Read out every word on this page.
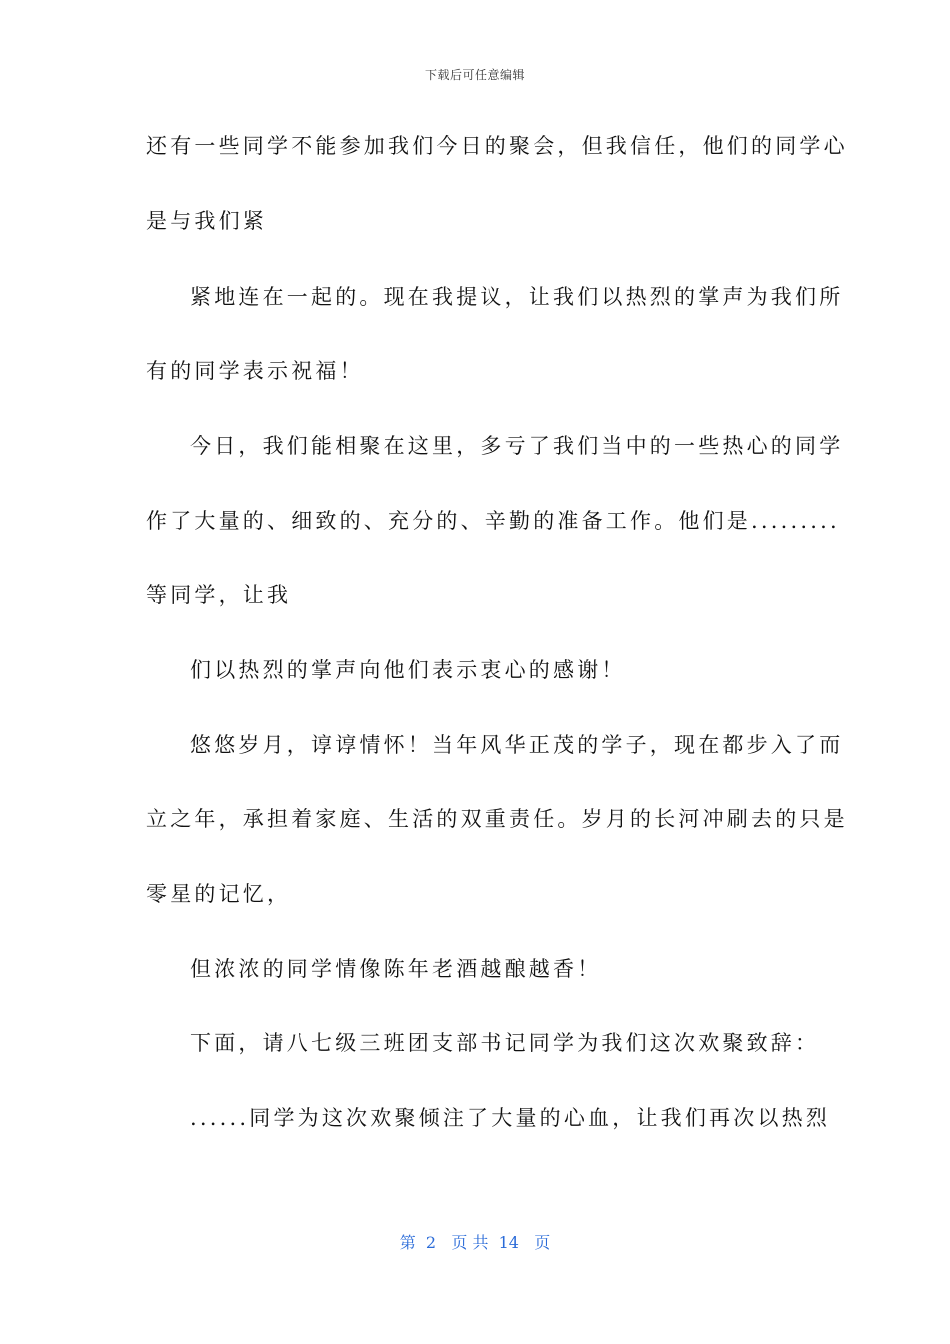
下载后可任意编辑
还有一些同学不能参加我们今日的聚会，但我信任，他们的同学心
是与我们紧
紧地连在一起的。现在我提议，让我们以热烈的掌声为我们所
有的同学表示祝福！
今日，我们能相聚在这里，多亏了我们当中的一些热心的同学
作了大量的、细致的、充分的、辛勤的准备工作。他们是.........
等同学，让我
们以热烈的掌声向他们表示衷心的感谢！
悠悠岁月，谆谆情怀！当年风华正茂的学子，现在都步入了而
立之年，承担着家庭、生活的双重责任。岁月的长河冲刷去的只是
零星的记忆，
但浓浓的同学情像陈年老酒越酿越香！
下面，请八七级三班团支部书记同学为我们这次欢聚致辞：
......同学为这次欢聚倾注了大量的心血，让我们再次以热烈
第  2   页 共  14   页
